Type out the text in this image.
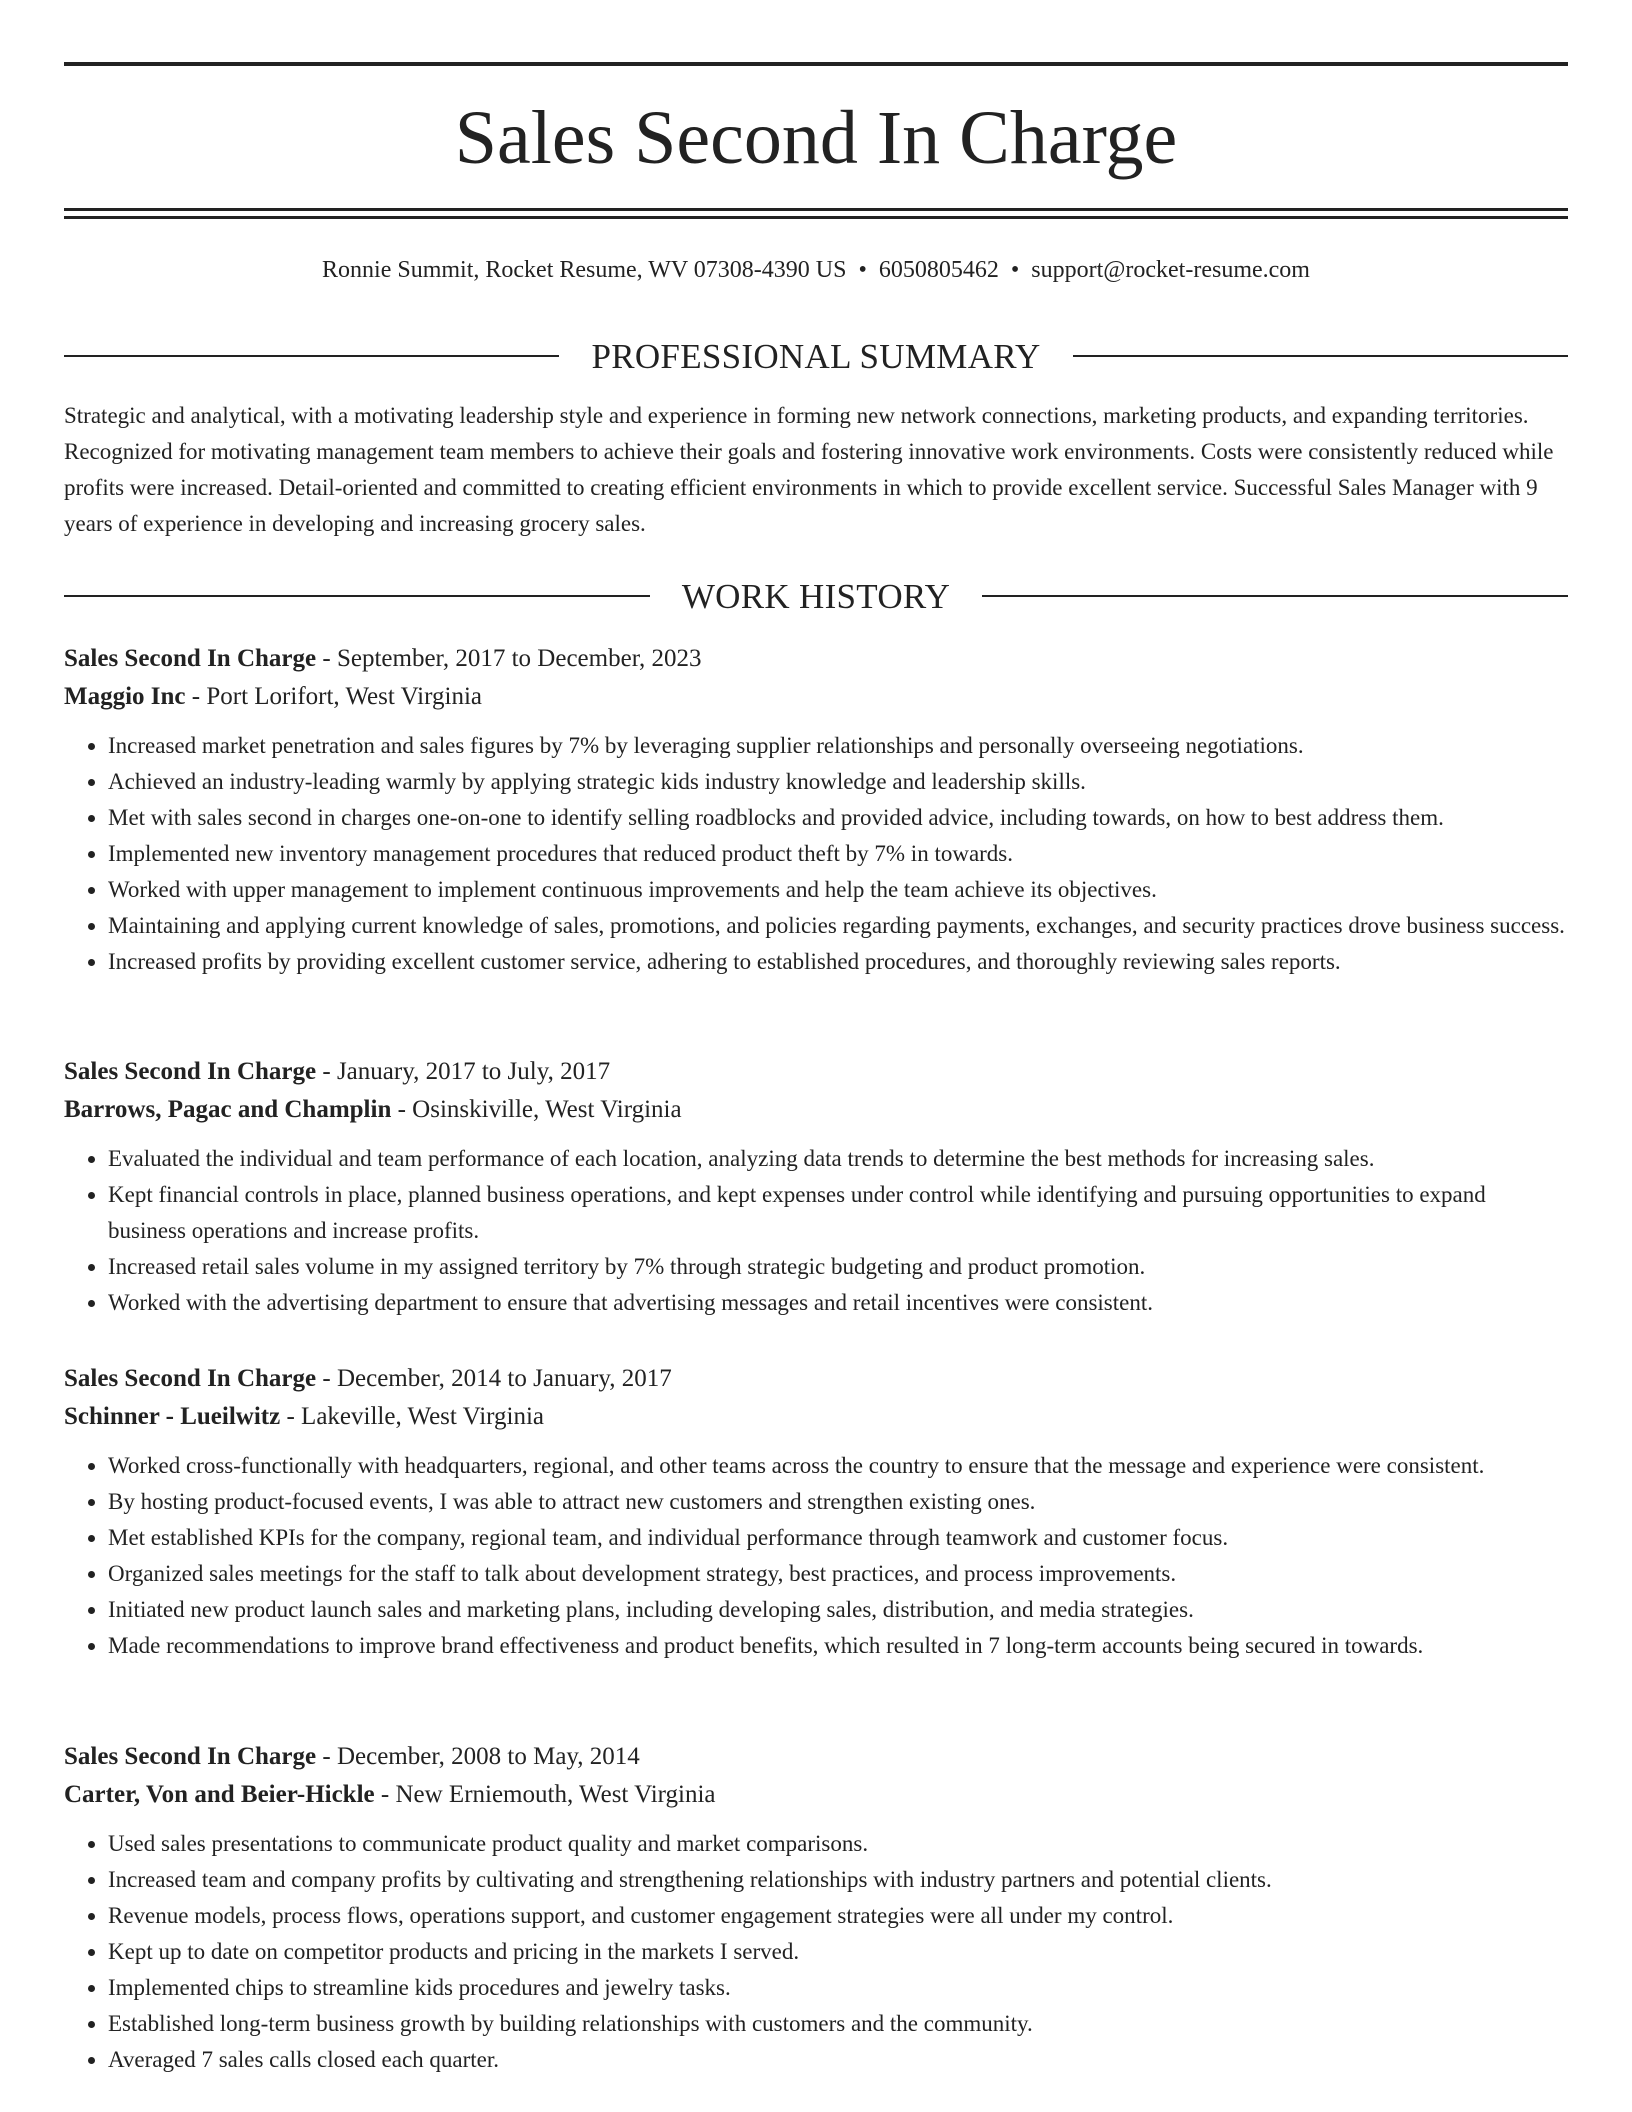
Sales Second In Charge
Ronnie Summit, Rocket Resume, WV 07308-4390 US • 6050805462 • support@rocket-resume.com
PROFESSIONAL SUMMARY

Strategic and analytical, with a motivating leadership style and experience in forming new network connections, marketing products, and expanding territories. Recognized for motivating management team members to achieve their goals and fostering innovative work environments. Costs were consistently reduced while profits were increased. Detail-oriented and committed to creating efficient environments in which to provide excellent service. Successful Sales Manager with 9 years of experience in developing and increasing grocery sales.

WORK HISTORY
Sales Second In Charge - September, 2017 to December, 2023
Maggio Inc - Port Lorifort, West Virginia
• Increased market penetration and sales figures by 7% by leveraging supplier relationships and personally overseeing negotiations.
• Achieved an industry-leading warmly by applying strategic kids industry knowledge and leadership skills.
• Met with sales second in charges one-on-one to identify selling roadblocks and provided advice, including towards, on how to best address them.
• Implemented new inventory management procedures that reduced product theft by 7% in towards.
• Worked with upper management to implement continuous improvements and help the team achieve its objectives.
• Maintaining and applying current knowledge of sales, promotions, and policies regarding payments, exchanges, and security practices drove business success.
• Increased profits by providing excellent customer service, adhering to established procedures, and thoroughly reviewing sales reports.
Sales Second In Charge - January, 2017 to July, 2017
Barrows, Pagac and Champlin - Osinskiville, West Virginia
• Evaluated the individual and team performance of each location, analyzing data trends to determine the best methods for increasing sales.
• Kept financial controls in place, planned business operations, and kept expenses under control while identifying and pursuing opportunities to expand business operations and increase profits.
• Increased retail sales volume in my assigned territory by 7% through strategic budgeting and product promotion.
• Worked with the advertising department to ensure that advertising messages and retail incentives were consistent.
Sales Second In Charge - December, 2014 to January, 2017
Schinner - Lueilwitz - Lakeville, West Virginia
• Worked cross-functionally with headquarters, regional, and other teams across the country to ensure that the message and experience were consistent.
• By hosting product-focused events, I was able to attract new customers and strengthen existing ones.
• Met established KPIs for the company, regional team, and individual performance through teamwork and customer focus.
• Organized sales meetings for the staff to talk about development strategy, best practices, and process improvements.
• Initiated new product launch sales and marketing plans, including developing sales, distribution, and media strategies.
• Made recommendations to improve brand effectiveness and product benefits, which resulted in 7 long-term accounts being secured in towards.
Sales Second In Charge - December, 2008 to May, 2014
Carter, Von and Beier-Hickle - New Erniemouth, West Virginia
• Used sales presentations to communicate product quality and market comparisons.
• Increased team and company profits by cultivating and strengthening relationships with industry partners and potential clients.
• Revenue models, process flows, operations support, and customer engagement strategies were all under my control.
• Kept up to date on competitor products and pricing in the markets I served.
• Implemented chips to streamline kids procedures and jewelry tasks.
• Established long-term business growth by building relationships with customers and the community.
• Averaged 7 sales calls closed each quarter.
